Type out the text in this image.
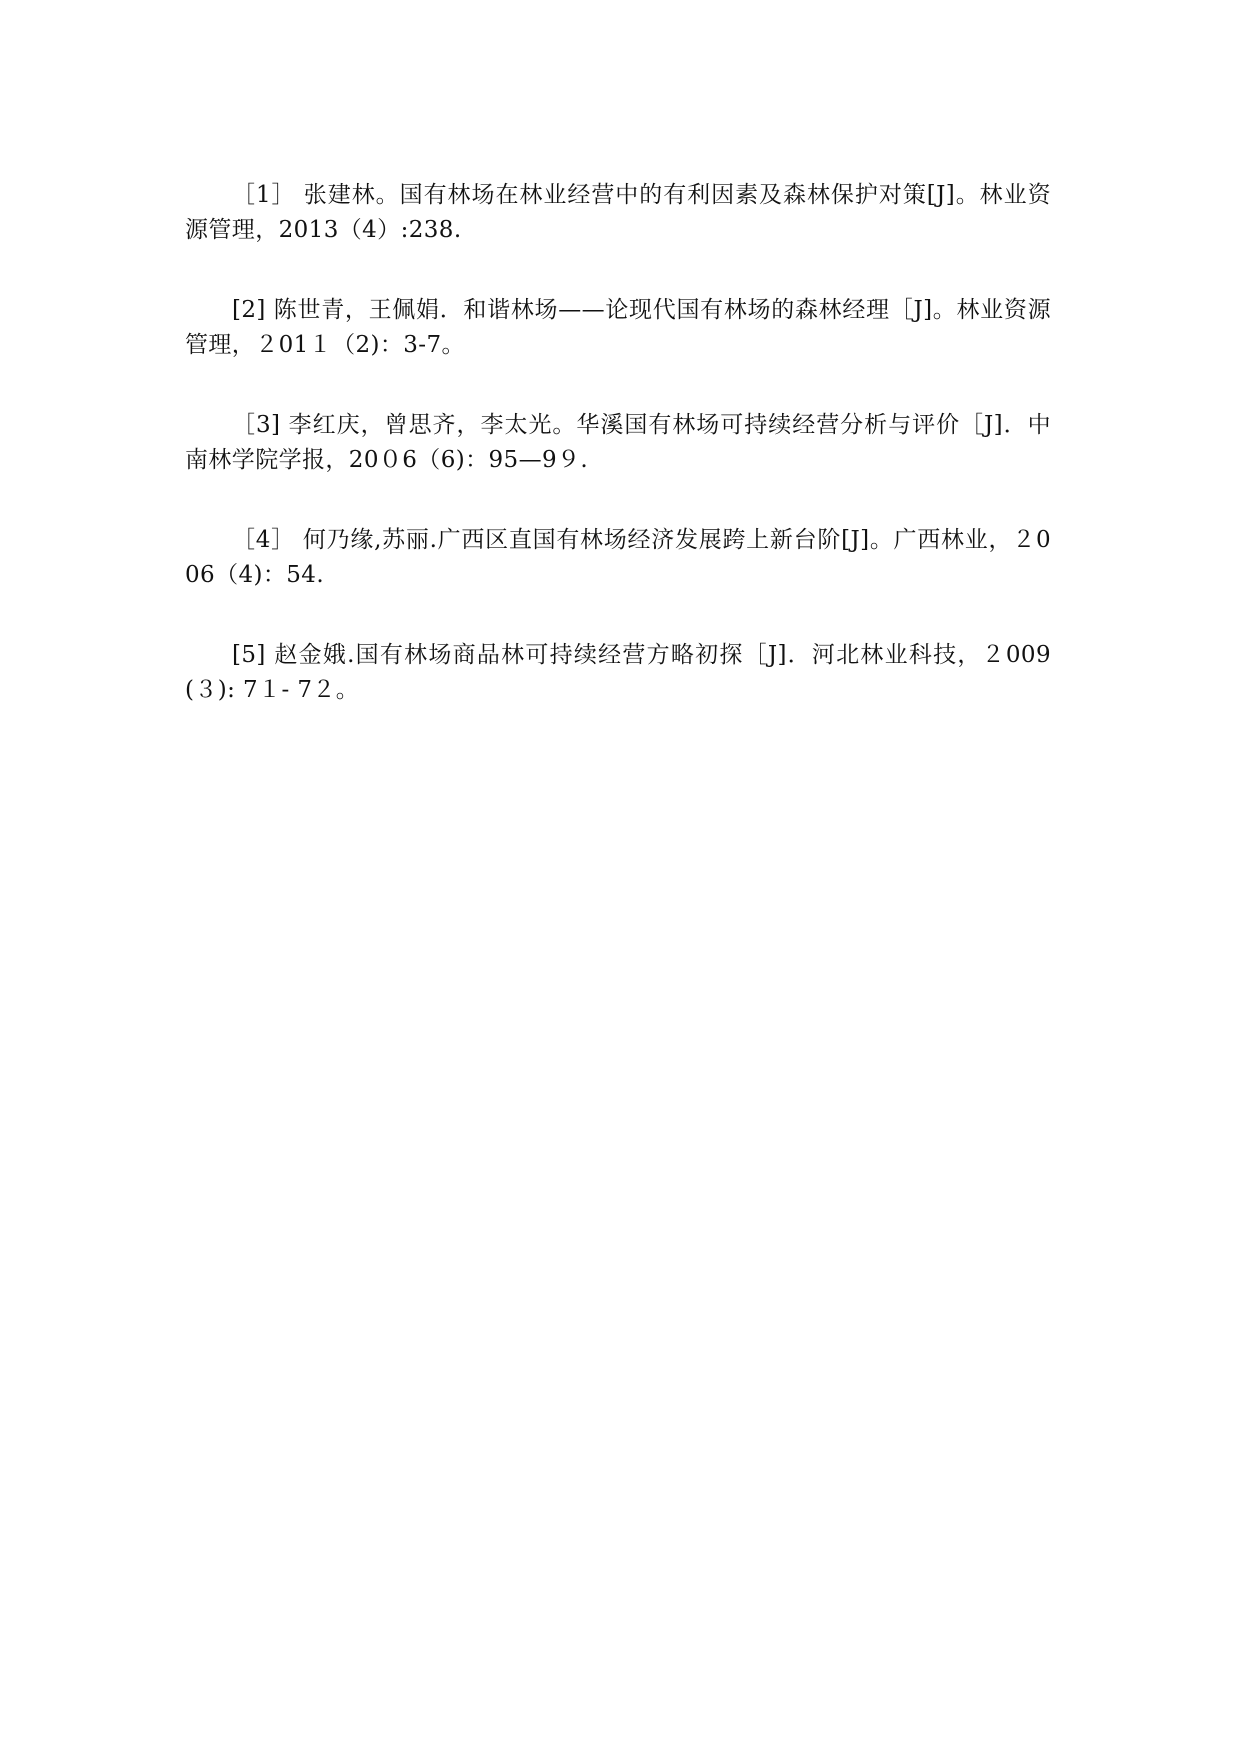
［1］ 张建林。国有林场在林业经营中的有利因素及森林保护对策[J]。林业资源管理，2013（4）:238.

[2] 陈世青，王佩娟．和谐林场——论现代国有林场的森林经理［J]。林业资源管理，２01１（2)：3-7。

［3] 李红庆，曾思齐，李太光。华溪国有林场可持续经营分析与评价［J]．中南林学院学报，20０6（6)：95—9９.

［4］ 何乃缘,苏丽.广西区直国有林场经济发展跨上新台阶[J]。广西林业，２006（4)：54.

[5] 赵金娥.国有林场商品林可持续经营方略初探［J]．河北林业科技，２009(３): 7１- 7２。
